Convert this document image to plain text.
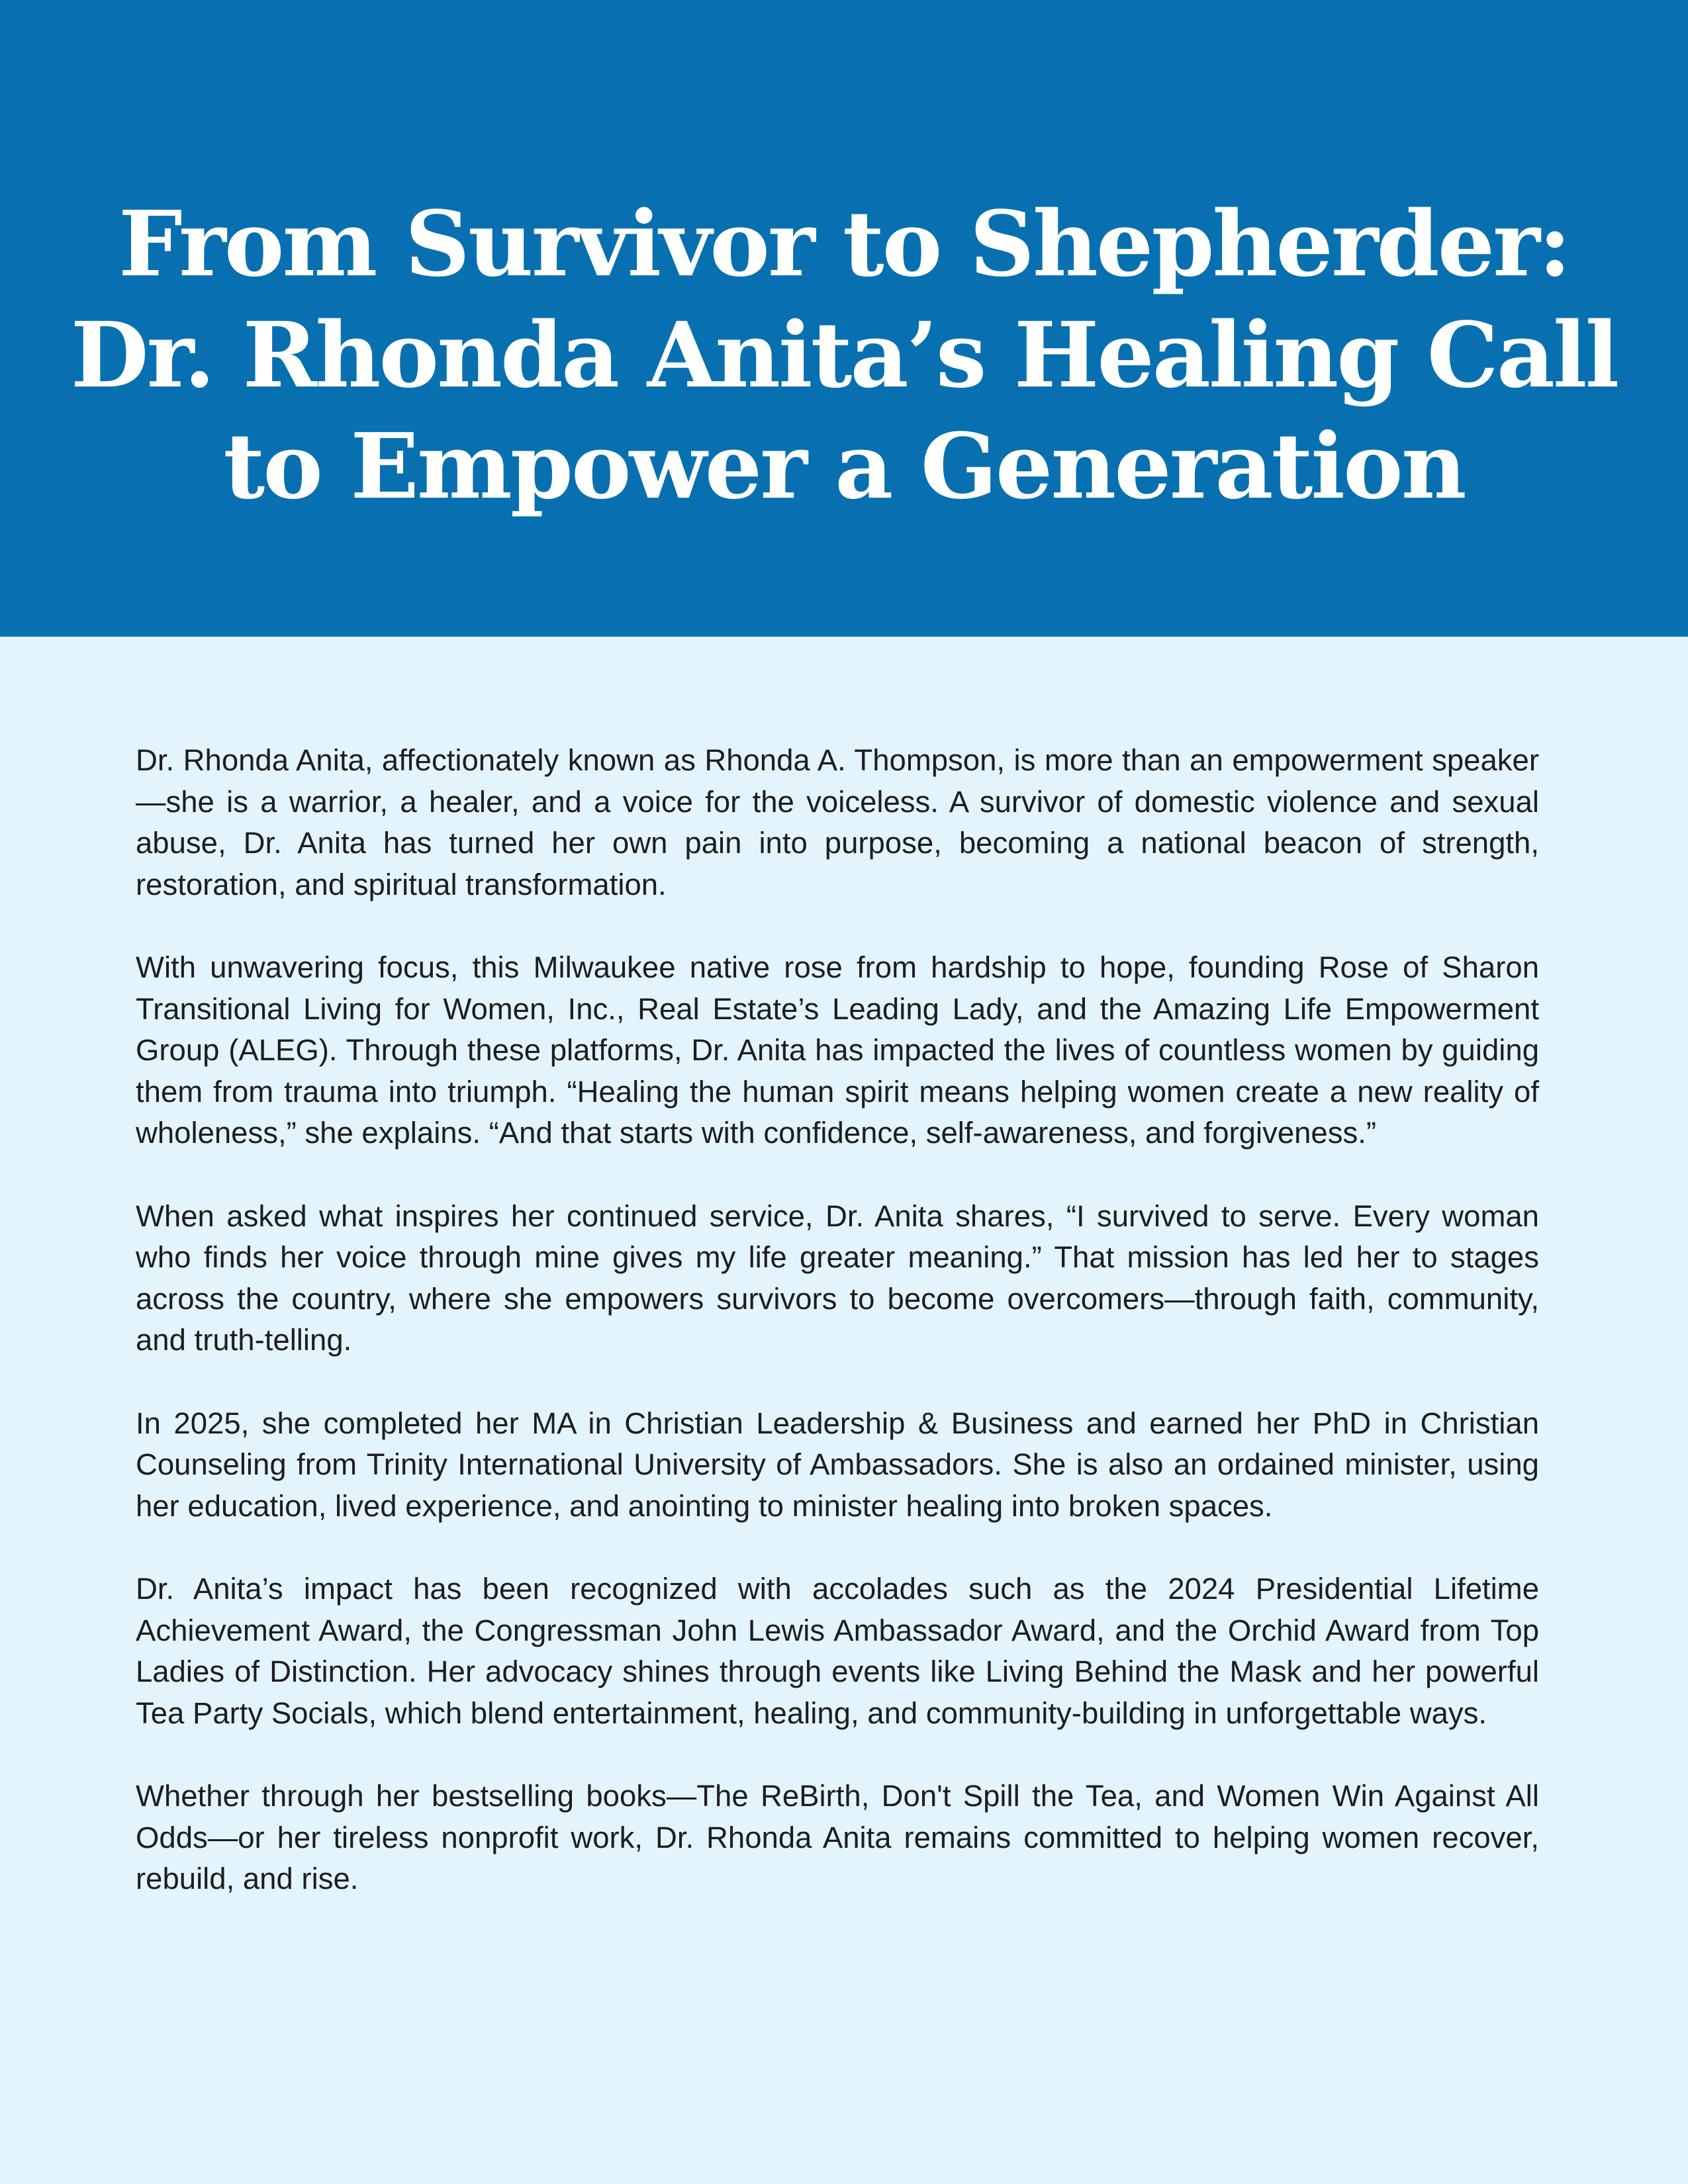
From Survivor to Shepherder:
Dr. Rhonda Anita’s Healing Call
to Empower a Generation

Dr. Rhonda Anita, affectionately known as Rhonda A. Thompson, is more than an empowerment speaker—she is a warrior, a healer, and a voice for the voiceless. A survivor of domestic violence and sexual abuse, Dr. Anita has turned her own pain into purpose, becoming a national beacon of strength, restoration, and spiritual transformation.

With unwavering focus, this Milwaukee native rose from hardship to hope, founding Rose of Sharon Transitional Living for Women, Inc., Real Estate’s Leading Lady, and the Amazing Life Empowerment Group (ALEG). Through these platforms, Dr. Anita has impacted the lives of countless women by guiding them from trauma into triumph. “Healing the human spirit means helping women create a new reality of wholeness,” she explains. “And that starts with confidence, self-awareness, and forgiveness.”

When asked what inspires her continued service, Dr. Anita shares, “I survived to serve. Every woman who finds her voice through mine gives my life greater meaning.” That mission has led her to stages across the country, where she empowers survivors to become overcomers—through faith, community, and truth-telling.

In 2025, she completed her MA in Christian Leadership & Business and earned her PhD in Christian Counseling from Trinity International University of Ambassadors. She is also an ordained minister, using her education, lived experience, and anointing to minister healing into broken spaces.

Dr. Anita’s impact has been recognized with accolades such as the 2024 Presidential Lifetime Achievement Award, the Congressman John Lewis Ambassador Award, and the Orchid Award from Top Ladies of Distinction. Her advocacy shines through events like Living Behind the Mask and her powerful Tea Party Socials, which blend entertainment, healing, and community-building in unforgettable ways.

Whether through her bestselling books—The ReBirth, Don't Spill the Tea, and Women Win Against All Odds—or her tireless nonprofit work, Dr. Rhonda Anita remains committed to helping women recover, rebuild, and rise.
